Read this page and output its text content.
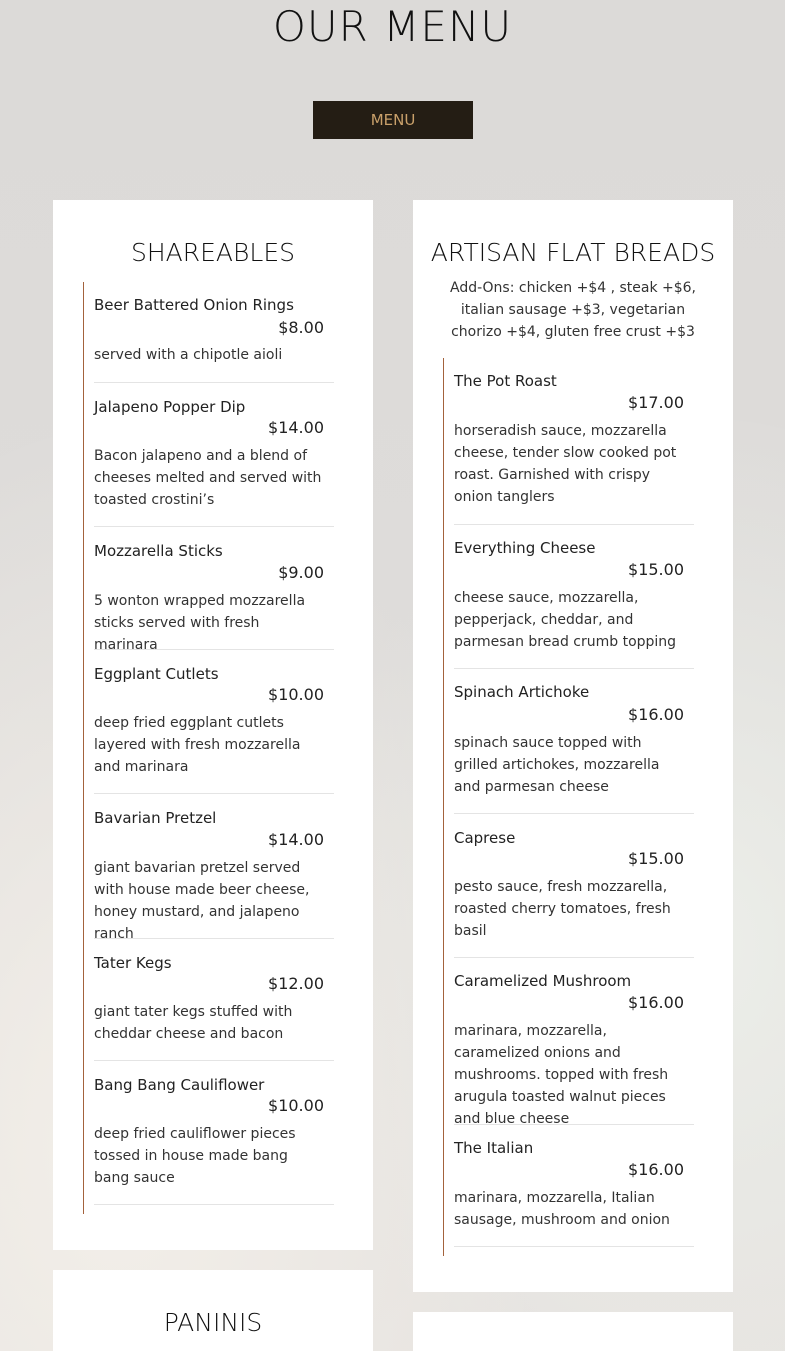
OUR MENU
MENU
SHAREABLES
Beer Battered Onion Rings
$8.00
served with a chipotle aioli
Jalapeno Popper Dip
$14.00
Bacon jalapeno and a blend of cheeses melted and served with toasted crostini’s
Mozzarella Sticks
$9.00
5 wonton wrapped mozzarella sticks served with fresh marinara
Eggplant Cutlets
$10.00
deep fried eggplant cutlets layered with fresh mozzarella and marinara
Bavarian Pretzel
$14.00
giant bavarian pretzel served with house made beer cheese, honey mustard, and jalapeno ranch
Tater Kegs
$12.00
giant tater kegs stuffed with cheddar cheese and bacon
Bang Bang Cauliflower
$10.00
deep fried cauliflower pieces tossed in house made bang bang sauce
ARTISAN FLAT BREADS
Add-Ons: chicken +$4 , steak +$6, italian sausage +$3, vegetarian chorizo +$4, gluten free crust +$3
The Pot Roast
$17.00
horseradish sauce, mozzarella cheese, tender slow cooked pot roast. Garnished with crispy onion tanglers
Everything Cheese
$15.00
cheese sauce, mozzarella, pepperjack, cheddar, and parmesan bread crumb topping
Spinach Artichoke
$16.00
spinach sauce topped with grilled artichokes, mozzarella and parmesan cheese
Caprese
$15.00
pesto sauce, fresh mozzarella, roasted cherry tomatoes, fresh basil
Caramelized Mushroom
$16.00
marinara, mozzarella, caramelized onions and mushrooms. topped with fresh arugula toasted walnut pieces and blue cheese
The Italian
$16.00
marinara, mozzarella, Italian sausage, mushroom and onion
PANINIS
